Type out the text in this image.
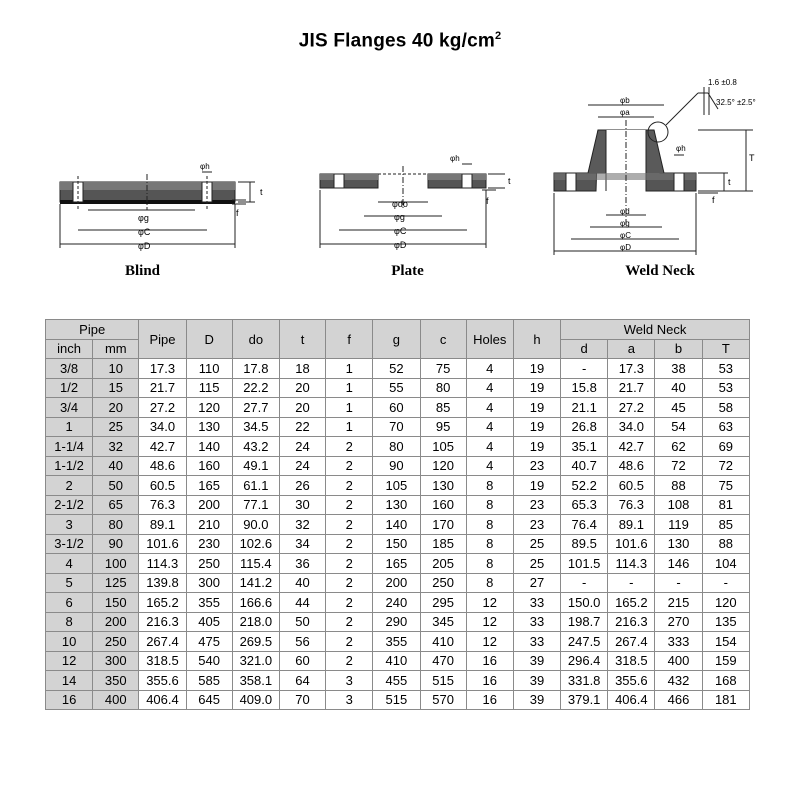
JIS Flanges 40 $kg/cm^2$
φh
t
f
φg
φC
φD
Blind
φh
t
f
φdo
φg
φC
φD
Plate
1.6 ±0.8
32.5° ±2.5°
φb
φa
φh
T
t
f
φd
φg
φC
φD
Weld Neck
Pipe		Pipe	D	do	t	f	g	c	Holes	h	Weld Neck			
inch	mm										d	a	b	T
3/8	10	17.3	110	17.8	18	1	52	75	4	19	-	17.3	38	53
1/2	15	21.7	115	22.2	20	1	55	80	4	19	15.8	21.7	40	53
3/4	20	27.2	120	27.7	20	1	60	85	4	19	21.1	27.2	45	58
1	25	34.0	130	34.5	22	1	70	95	4	19	26.8	34.0	54	63
1-1/4	32	42.7	140	43.2	24	2	80	105	4	19	35.1	42.7	62	69
1-1/2	40	48.6	160	49.1	24	2	90	120	4	23	40.7	48.6	72	72
2	50	60.5	165	61.1	26	2	105	130	8	19	52.2	60.5	88	75
2-1/2	65	76.3	200	77.1	30	2	130	160	8	23	65.3	76.3	108	81
3	80	89.1	210	90.0	32	2	140	170	8	23	76.4	89.1	119	85
3-1/2	90	101.6	230	102.6	34	2	150	185	8	25	89.5	101.6	130	88
4	100	114.3	250	115.4	36	2	165	205	8	25	101.5	114.3	146	104
5	125	139.8	300	141.2	40	2	200	250	8	27	-	-	-	-
6	150	165.2	355	166.6	44	2	240	295	12	33	150.0	165.2	215	120
8	200	216.3	405	218.0	50	2	290	345	12	33	198.7	216.3	270	135
10	250	267.4	475	269.5	56	2	355	410	12	33	247.5	267.4	333	154
12	300	318.5	540	321.0	60	2	410	470	16	39	296.4	318.5	400	159
14	350	355.6	585	358.1	64	3	455	515	16	39	331.8	355.6	432	168
16	400	406.4	645	409.0	70	3	515	570	16	39	379.1	406.4	466	181
